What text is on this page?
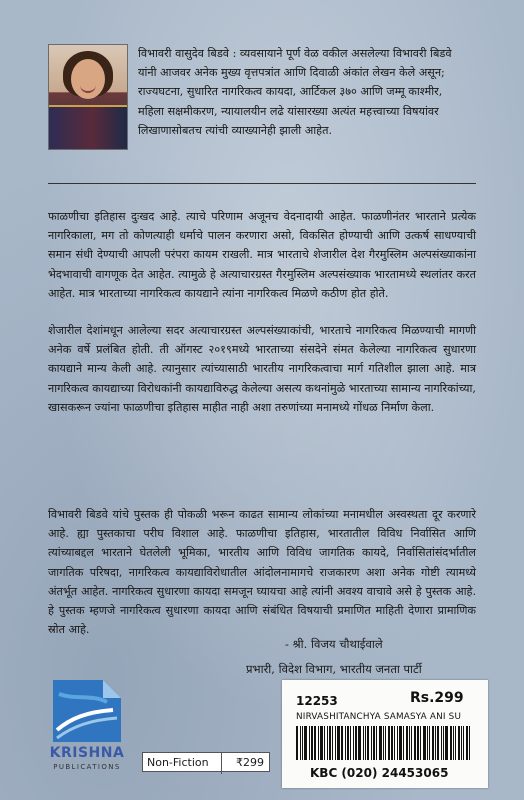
विभावरी वासुदेव बिडवे : व्यवसायाने पूर्ण वेळ वकील असलेल्या विभावरी बिडवे यांनी आजवर अनेक मुख्य वृत्तपत्रांत आणि दिवाळी अंकांत लेखन केले असून; राज्यघटना, सुधारित नागरिकत्व कायदा, आर्टिकल ३७० आणि जम्मू काश्मीर, महिला सक्षमीकरण, न्यायालयीन लढे यांसारख्या अत्यंत महत्त्वाच्या विषयांवर लिखाणासोबतच त्यांची व्याख्यानेही झाली आहेत.
फाळणीचा इतिहास दुःखद आहे. त्याचे परिणाम अजूनच वेदनादायी आहेत. फाळणीनंतर भारताने प्रत्येक नागरिकाला, मग तो कोणत्याही धर्माचे पालन करणारा असो, विकसित होण्याची आणि उत्कर्ष साधण्याची समान संधी देण्याची आपली परंपरा कायम राखली. मात्र भारताचे शेजारील देश गैरमुस्लिम अल्पसंख्याकांना भेदभावाची वागणूक देत आहेत. त्यामुळे हे अत्याचारग्रस्त गैरमुस्लिम अल्पसंख्याक भारतामध्ये स्थलांतर करत आहेत. मात्र भारताच्या नागरिकत्व कायद्याने त्यांना नागरिकत्व मिळणे कठीण होत होते.
शेजारील देशांमधून आलेल्या सदर अत्याचारग्रस्त अल्पसंख्याकांची, भारताचे नागरिकत्व मिळण्याची मागणी अनेक वर्षे प्रलंबित होती. ती ऑगस्ट २०१९मध्ये भारताच्या संसदेने संमत केलेल्या नागरिकत्व सुधारणा कायद्याने मान्य केली आहे. त्यानुसार त्यांच्यासाठी भारतीय नागरिकत्वाचा मार्ग गतिशील झाला आहे. मात्र नागरिकत्व कायद्याच्या विरोधकांनी कायद्याविरुद्ध केलेल्या असत्य कथनांमुळे भारताच्या सामान्य नागरिकांच्या, खासकरून ज्यांना फाळणीचा इतिहास माहीत नाही अशा तरुणांच्या मनामध्ये गोंधळ निर्माण केला.
विभावरी बिडवे यांचे पुस्तक ही पोकळी भरून काढत सामान्य लोकांच्या मनामधील अस्वस्थता दूर करणारे आहे. ह्या पुस्तकाचा परीघ विशाल आहे. फाळणीचा इतिहास, भारतातील विविध निर्वासित आणि त्यांच्याबद्दल भारताने घेतलेली भूमिका, भारतीय आणि विविध जागतिक कायदे, निर्वासितांसंदर्भातील जागतिक परिषदा, नागरिकत्व कायद्याविरोधातील आंदोलनामागचे राजकारण अशा अनेक गोष्टी त्यामध्ये अंतर्भूत आहेत. नागरिकत्व सुधारणा कायदा समजून घ्यायचा आहे त्यांनी अवश्य वाचावे असे हे पुस्तक आहे. हे पुस्तक म्हणजे नागरिकत्व सुधारणा कायदा आणि संबंधित विषयाची प्रमाणित माहिती देणारा प्रामाणिक स्रोत आहे.
- श्री. विजय चौथाईवाले
प्रभारी, विदेश विभाग, भारतीय जनता पार्टी
KRISHNA
PUBLICATIONS	Non-Fiction	₹299
12253	Rs.299
NIRVASHITANCHYA SAMASYA ANI SU
KBC (020) 24453065
